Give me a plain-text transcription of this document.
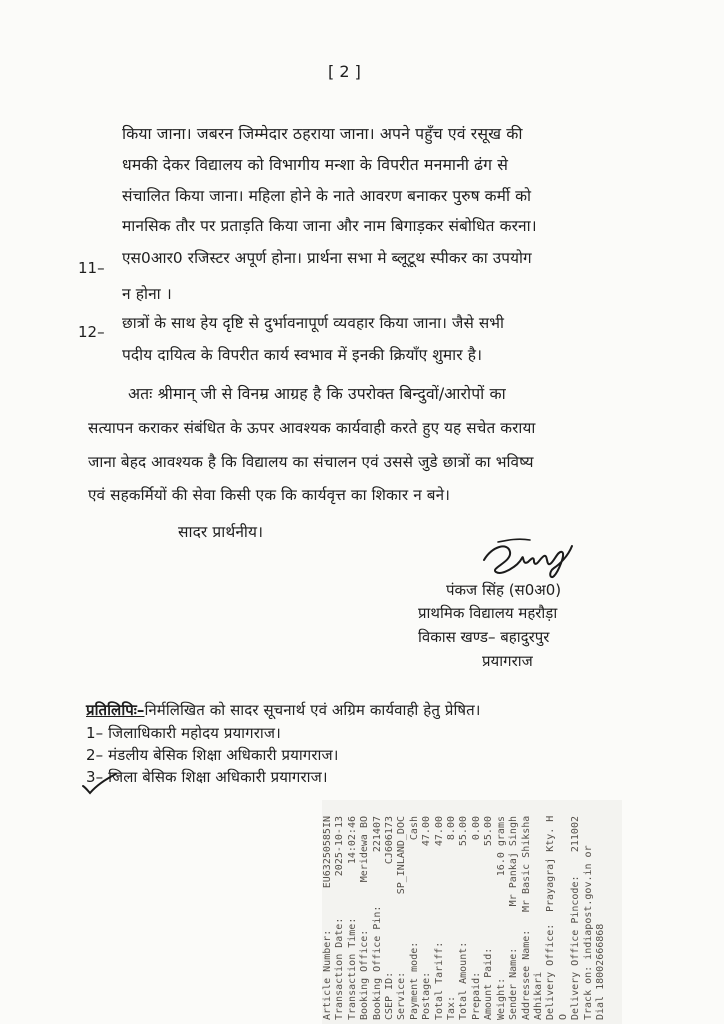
[ 2 ]
किया जाना। जबरन जिम्मेदार ठहराया जाना। अपने पहुँच एवं रसूख की
धमकी देकर विद्यालय को विभागीय मन्शा के विपरीत मनमानी ढंग से
संचालित किया जाना। महिला होने के नाते आवरण बनाकर पुरुष कर्मी को
मानसिक तौर पर प्रताड़ति किया जाना और नाम बिगाड़कर संबोधित करना।
11–
एस0आर0 रजिस्टर अपूर्ण होना। प्रार्थना सभा मे ब्लूटूथ स्पीकर का उपयोग
न होना ।
12– छात्रों के साथ हेय दृष्टि से दुर्भावनापूर्ण व्यवहार किया जाना। जैसे सभी
पदीय दायित्व के विपरीत कार्य स्वभाव में इनकी क्रियाँए शुमार है।
अतः श्रीमान् जी से विनम्र आग्रह है कि उपरोक्त बिन्दुवों/आरोपों का
सत्यापन कराकर संबंधित के ऊपर आवश्यक कार्यवाही करते हुए यह सचेत कराया
जाना बेहद आवश्यक है कि विद्यालय का संचालन एवं उससे जुडे छात्रों का भविष्य
एवं सहकर्मियों की सेवा किसी एक कि कार्यवृत्त का शिकार न बने।
सादर प्रार्थनीय।
पंकज सिंह (स0अ0)
प्राथमिक विद्यालय महरौड़ा
विकास खण्ड– बहादुरपुर
प्रयागराज
प्रतिलिपिः–निर्मलिखित को सादर सूचनार्थ एवं अग्रिम कार्यवाही हेतु प्रेषित।
1– जिलाधिकारी महोदय प्रयागराज।
2– मंडलीय बेसिक शिक्षा अधिकारी प्रयागराज।
3– जिला बेसिक शिक्षा अधिकारी प्रयागराज।
Article Number:
EU63250585IN
Transaction Date:
2025-10-13
Transaction Time:
14:02:46
Booking Office:
Meridewa BO
Booking Office Pin:
221407
CSEP ID:
CJ606173
Service:
SP_INLAND_DOC
Payment mode:
Cash
Postage:
47.00
Total Tariff:
47.00
Tax:
8.00
Total Amount:
55.00
Prepaid:
0.00
Amount Paid:
55.00
Weight:
16.0 grams
Sender Name:
Mr Pankaj Singh
Addressee Name:
Mr Basic Shiksha
Adhikari Delivery Office:
Prayagraj Kty. H
O Delivery Office Pincode:
211002
Track on: indiapost.gov.in or Dial 18002666868
